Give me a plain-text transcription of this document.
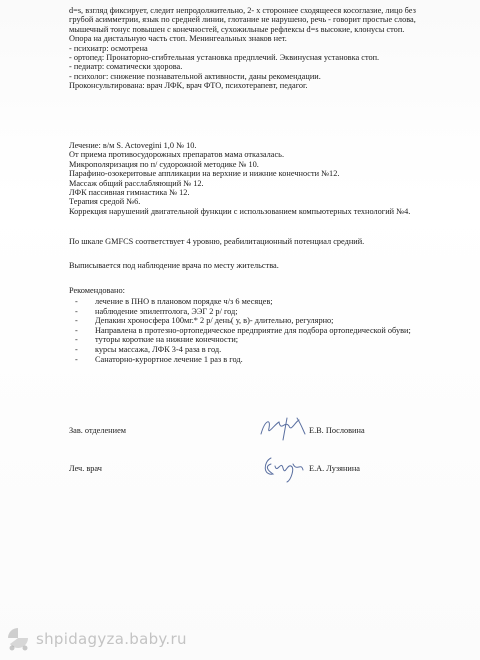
d=s, взгляд фиксирует, следит непродолжительно, 2- х стороннее сходящееся косоглазие, лицо без
грубой асимметрии, язык по средней линии, глотание не нарушено, речь - говорит простые слова,
мышечный тонус повышен с конечностей, сухожильные рефлексы d=s высокие, клонусы стоп.
Опора на дистальную часть стоп. Менингеальных знаков нет.
- психиатр: осмотрена
- ортопед: Пронаторно-сгибтельная установка предплечий. Эквинусная установка стоп.
- педиатр: соматически здорова.
- психолог: снижение познавательной активности, даны рекомендации.
Проконсультирована: врач ЛФК, врач ФТО, психотерапевт, педагог.
Лечение: в/м S. Actovegini 1,0 № 10.
От приема противосудорожных препаратов мама отказалась.
Микрополяризация по п/ судорожной методике № 10.
Парафино-озокеритовые аппликации на верхние и нижние конечности №12.
Массаж общий расслабляющий № 12.
ЛФК пассивная гимнастика № 12.
Терапия средой №6.
Коррекция нарушений двигательной функции с использованием компьютерных технологий №4.
По шкале GMFCS соответствует 4 уровню, реабилитационный потенциал средний.
Выписывается под наблюдение врача по месту жительства.
Рекомендовано:
- лечение в ПНО в плановом порядке ч/з 6 месяцев;
- наблюдение эпилептолога, ЭЭГ 2 р/ год;
- Депакин хроносфера 100мг.* 2 р/ день( у, в)- длительно, регулярно;
- Направлена в протезно-ортопедическое предприятие для подбора ортопедической обуви;
- туторы короткие на нижние конечности;
- курсы массажа, ЛФК 3-4 раза в год.
- Санаторно-курортное лечение 1 раз в год.
Зав. отделением	Е.В. Пословина
Леч. врач	Е.А. Лузянина
shpidagyza.baby.ru
